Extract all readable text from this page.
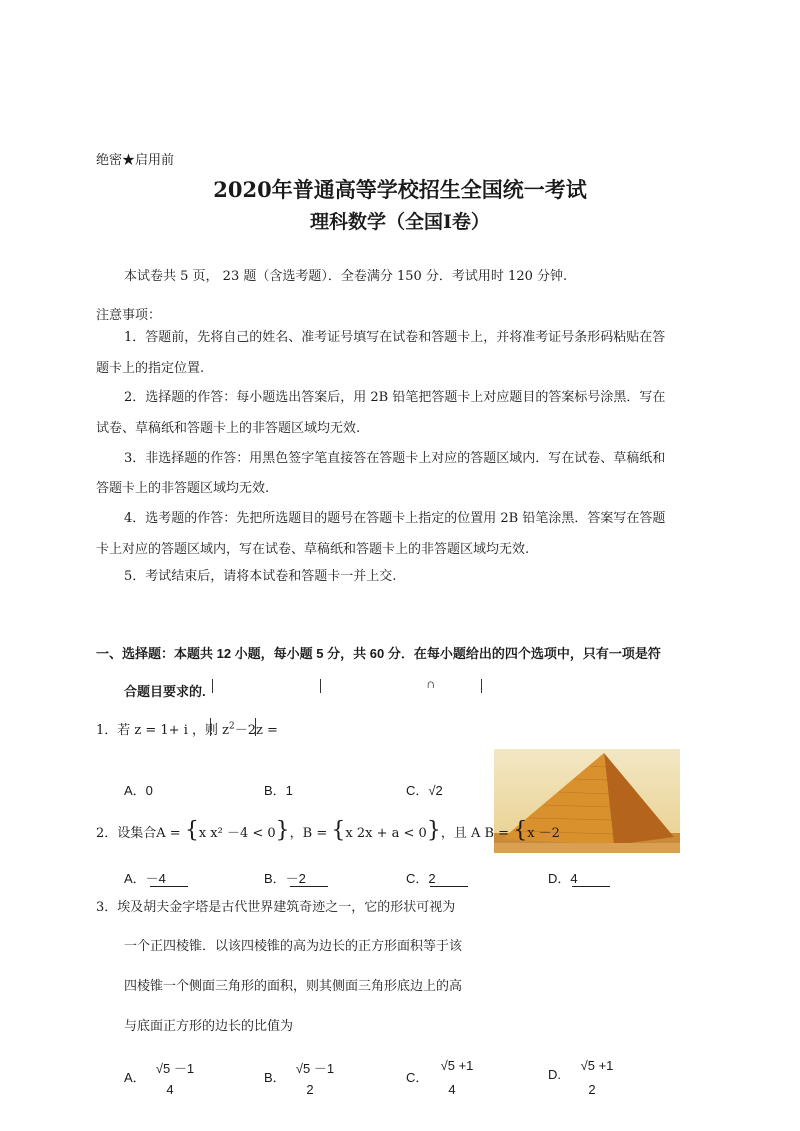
绝密★启用前
2020年普通高等学校招生全国统一考试
理科数学（全国Ⅰ卷）
本试卷共 5 页， 23 题（含选考题）．全卷满分 150 分．考试用时 120 分钟.
注意事项：
1．答题前，先将自己的姓名、准考证号填写在试卷和答题卡上，并将准考证号条形码粘贴在答
题卡上的指定位置.
2．选择题的作答：每小题选出答案后，用 2B 铅笔把答题卡上对应题目的答案标号涂黑．写在
试卷、草稿纸和答题卡上的非答题区域均无效.
3．非选择题的作答：用黑色签字笔直接答在答题卡上对应的答题区域内．写在试卷、草稿纸和
答题卡上的非答题区域均无效.
4．选考题的作答：先把所选题目的题号在答题卡上指定的位置用 2B 铅笔涂黑．答案写在答题
卡上对应的答题区域内，写在试卷、草稿纸和答题卡上的非答题区域均无效.
5．考试结束后，请将本试卷和答题卡一并上交.
一、选择题：本题共 12 小题，每小题 5 分，共 60 分．在每小题给出的四个选项中，只有一项是符
合题目要求的.
∩
1．若 z = 1+ i ，则 $z^2-2z$ =
A．0	B．1	C．√2
2．设集合A = {x x² －4 < 0}，B = {x 2x + a < 0}，且 A B = {x －2
A．－4	B．－2	C．2	D．4
3．埃及胡夫金字塔是古代世界建筑奇迹之一，它的形状可视为
一个正四棱锥．以该四棱锥的高为边长的正方形面积等于该
四棱锥一个侧面三角形的面积，则其侧面三角形底边上的高
与底面正方形的边长的比值为
A．
√5 －1
4
B．
√5 －1
2
C．
√5 +1
4
D.
√5 +1
2
